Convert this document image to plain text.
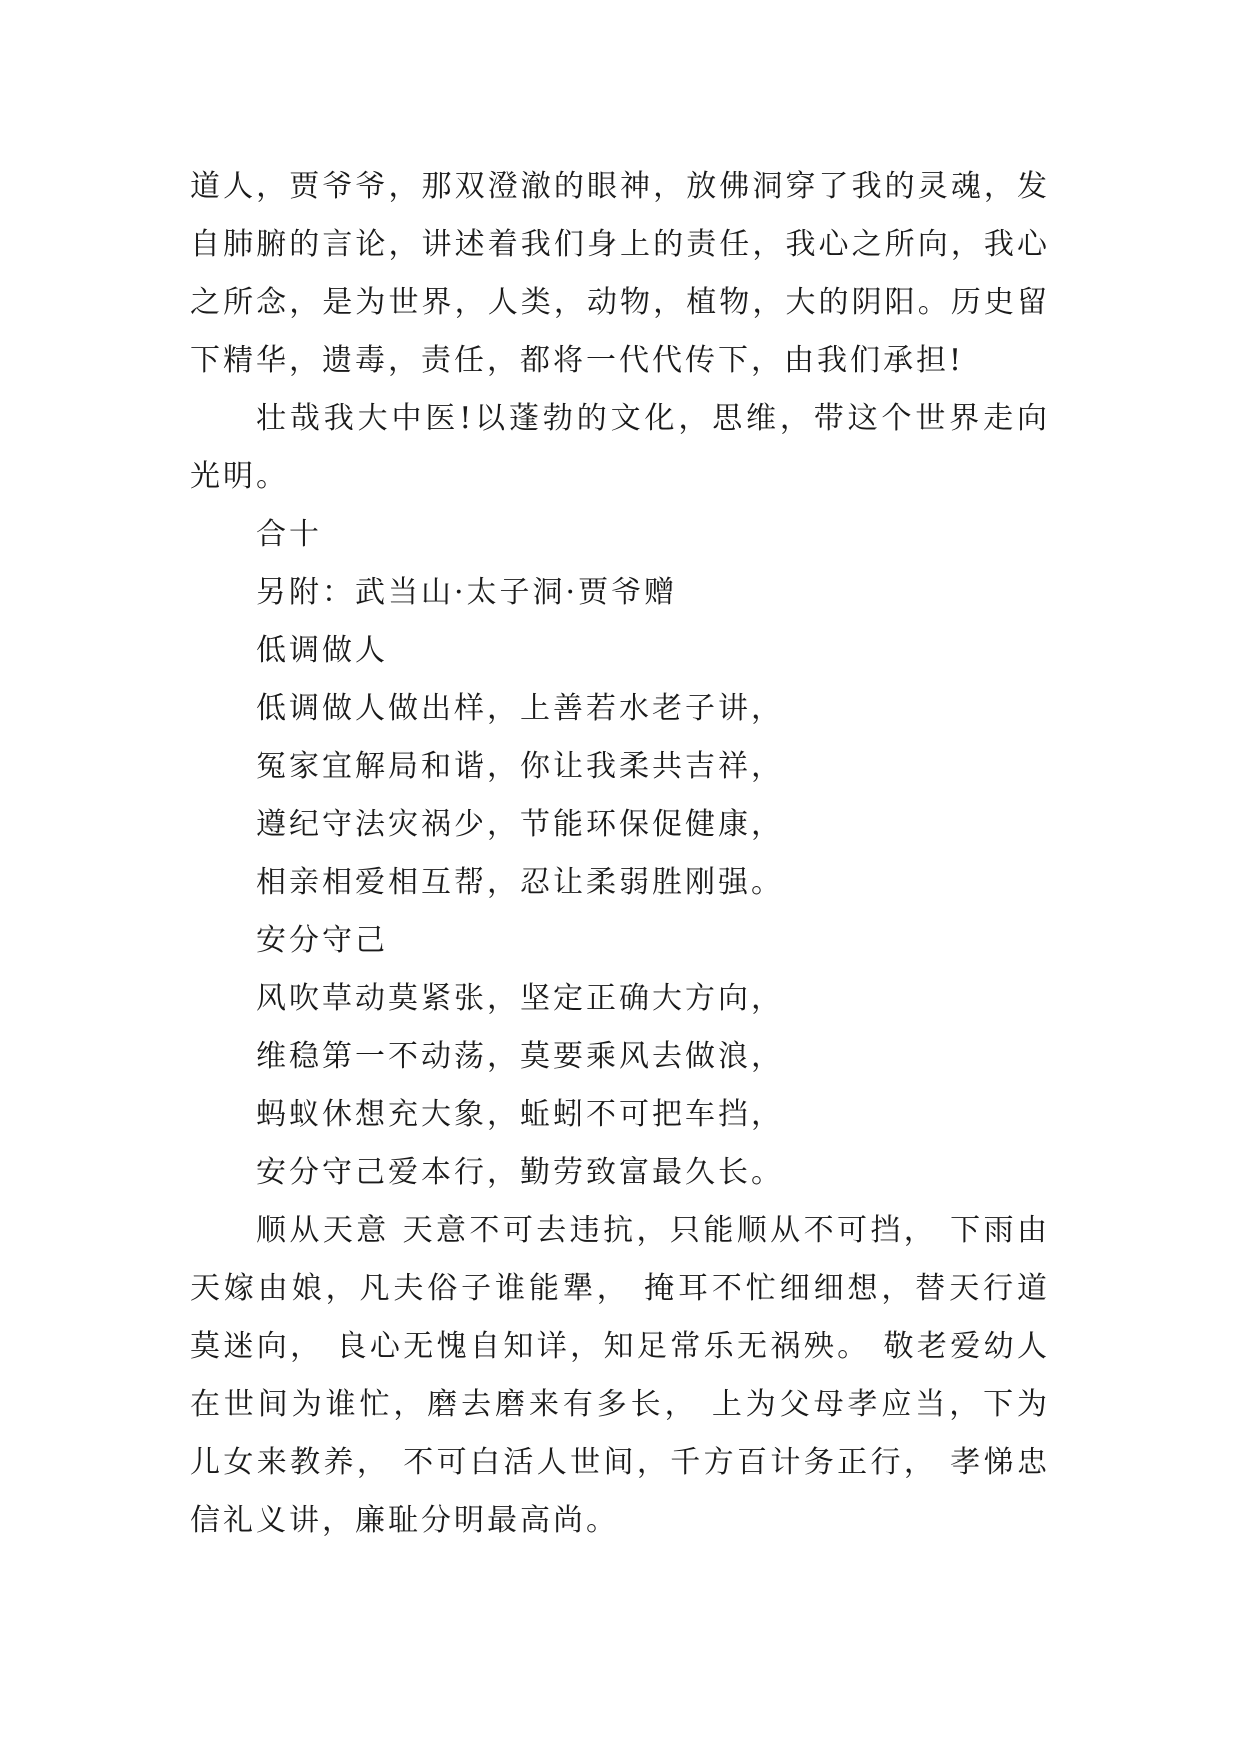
道人，贾爷爷，那双澄澈的眼神，放佛洞穿了我的灵魂，发自肺腑的言论，讲述着我们身上的责任，我心之所向，我心之所念，是为世界，人类，动物，植物，大的阴阳。历史留下精华，遗毒，责任，都将一代代传下，由我们承担!

壮哉我大中医!以蓬勃的文化，思维，带这个世界走向光明。

合十
另附：武当山·太子洞·贾爷赠
低调做人
低调做人做出样，上善若水老子讲，
冤家宜解局和谐，你让我柔共吉祥，
遵纪守法灾祸少，节能环保促健康，
相亲相爱相互帮，忍让柔弱胜刚强。
安分守己
风吹草动莫紧张，坚定正确大方向，
维稳第一不动荡，莫要乘风去做浪，
蚂蚁休想充大象，蚯蚓不可把车挡，
安分守己爱本行，勤劳致富最久长。

顺从天意 天意不可去违抗，只能顺从不可挡， 下雨由天嫁由娘，凡夫俗子谁能犟， 掩耳不忙细细想，替天行道莫迷向， 良心无愧自知详，知足常乐无祸殃。 敬老爱幼人在世间为谁忙，磨去磨来有多长， 上为父母孝应当，下为儿女来教养， 不可白活人世间，千方百计务正行， 孝悌忠信礼义讲，廉耻分明最高尚。
